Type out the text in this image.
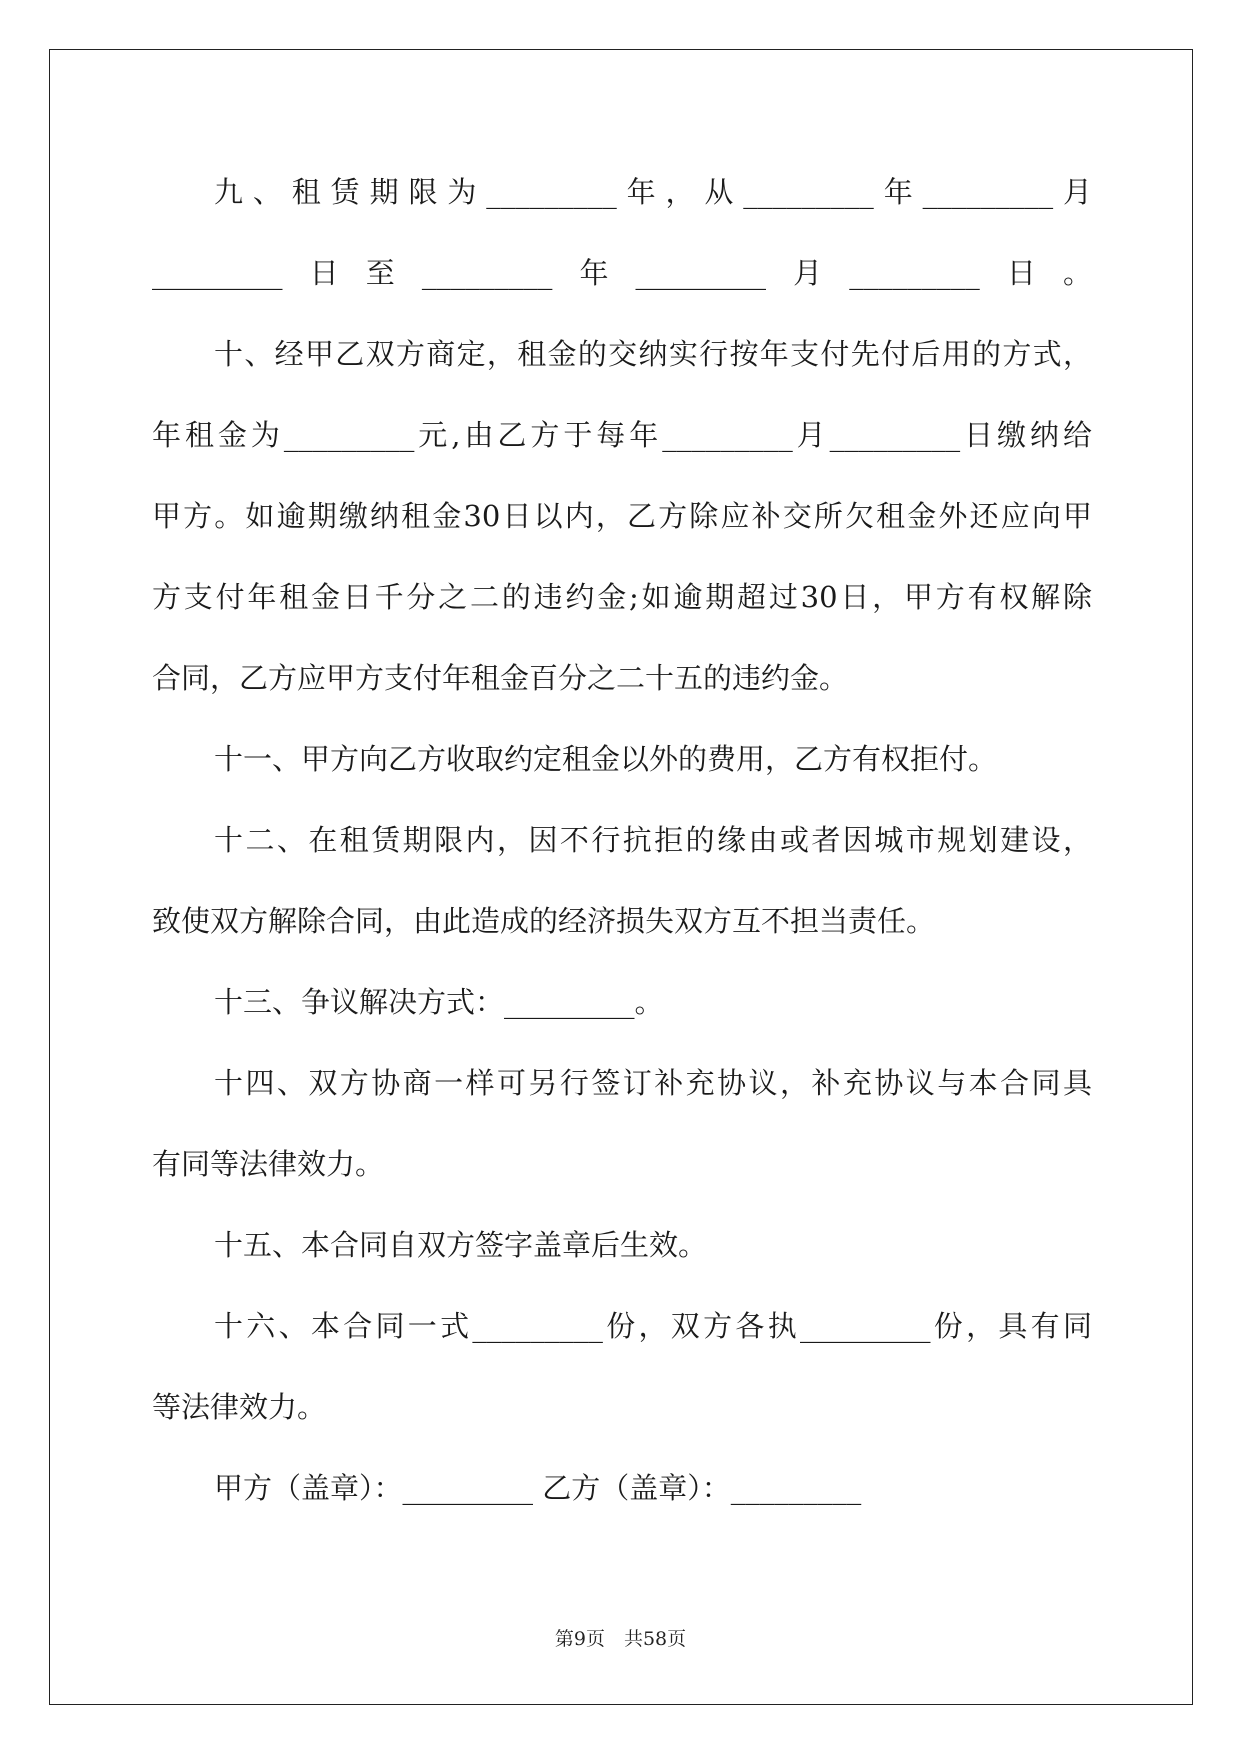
九、租赁期限为_________年，从_________年_________月
_________日至_________年_________月_________日。
十、经甲乙双方商定，租金的交纳实行按年支付先付后用的方式，
年租金为_________元,由乙方于每年_________月_________日缴纳给
甲方。如逾期缴纳租金30日以内，乙方除应补交所欠租金外还应向甲
方支付年租金日千分之二的违约金;如逾期超过30日，甲方有权解除
合同，乙方应甲方支付年租金百分之二十五的违约金。
十一、甲方向乙方收取约定租金以外的费用，乙方有权拒付。
十二、在租赁期限内，因不行抗拒的缘由或者因城市规划建设，
致使双方解除合同，由此造成的经济损失双方互不担当责任。
十三、争议解决方式：_________。
十四、双方协商一样可另行签订补充协议，补充协议与本合同具
有同等法律效力。
十五、本合同自双方签字盖章后生效。
十六、本合同一式_________份，双方各执_________份，具有同
等法律效力。
甲方（盖章）：_________ 乙方（盖章）：_________
第9页　共58页
